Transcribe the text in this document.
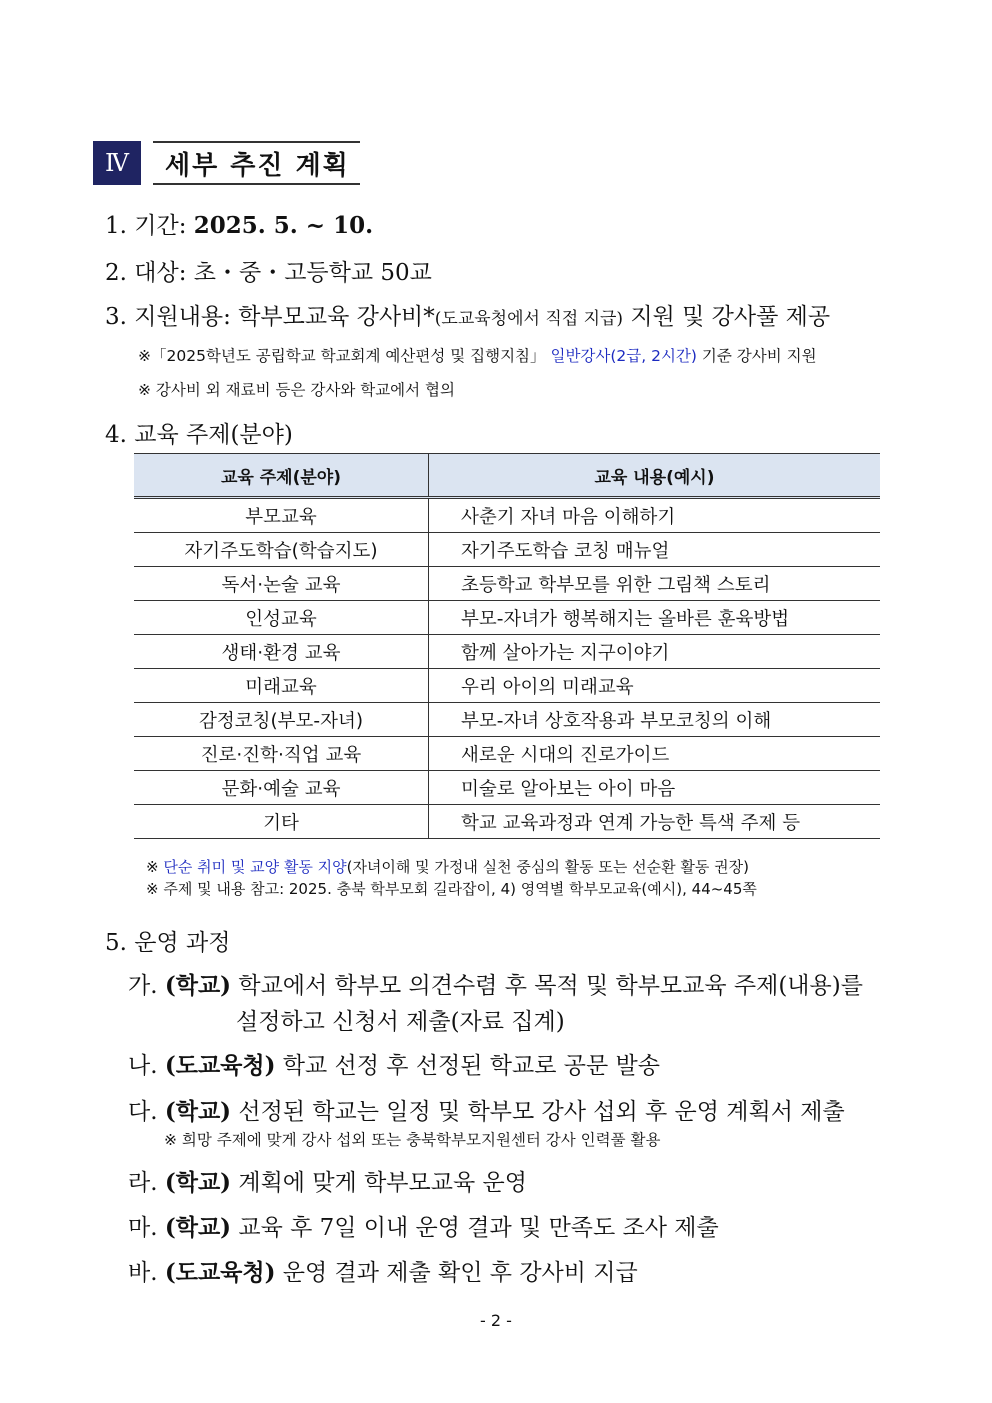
Ⅳ	세부 추진 계획
1. 기간: 2025. 5. ~ 10.
2. 대상: 초・중・고등학교 50교
3. 지원내용: 학부모교육 강사비*(도교육청에서 직접 지급) 지원 및 강사풀 제공
※「2025학년도 공립학교 학교회계 예산편성 및 집행지침」 일반강사(2급, 2시간) 기준 강사비 지원
※ 강사비 외 재료비 등은 강사와 학교에서 협의
4. 교육 주제(분야)
교육 주제(분야)	교육 내용(예시)
부모교육	사춘기 자녀 마음 이해하기
자기주도학습(학습지도)	자기주도학습 코칭 매뉴얼
독서·논술 교육	초등학교 학부모를 위한 그림책 스토리
인성교육	부모-자녀가 행복해지는 올바른 훈육방법
생태·환경 교육	함께 살아가는 지구이야기
미래교육	우리 아이의 미래교육
감정코칭(부모-자녀)	부모-자녀 상호작용과 부모코칭의 이해
진로·진학·직업 교육	새로운 시대의 진로가이드
문화·예술 교육	미술로 알아보는 아이 마음
기타	학교 교육과정과 연계 가능한 특색 주제 등
※ 단순 취미 및 교양 활동 지양(자녀이해 및 가정내 실천 중심의 활동 또는 선순환 활동 권장)
※ 주제 및 내용 참고: 2025. 충북 학부모회 길라잡이, 4) 영역별 학부모교육(예시), 44~45쪽
5. 운영 과정
가. (학교) 학교에서 학부모 의견수렴 후 목적 및 학부모교육 주제(내용)를
설정하고 신청서 제출(자료 집계)
나. (도교육청) 학교 선정 후 선정된 학교로 공문 발송
다. (학교) 선정된 학교는 일정 및 학부모 강사 섭외 후 운영 계획서 제출
※ 희망 주제에 맞게 강사 섭외 또는 충북학부모지원센터 강사 인력풀 활용
라. (학교) 계획에 맞게 학부모교육 운영
마. (학교) 교육 후 7일 이내 운영 결과 및 만족도 조사 제출
바. (도교육청) 운영 결과 제출 확인 후 강사비 지급
- 2 -
